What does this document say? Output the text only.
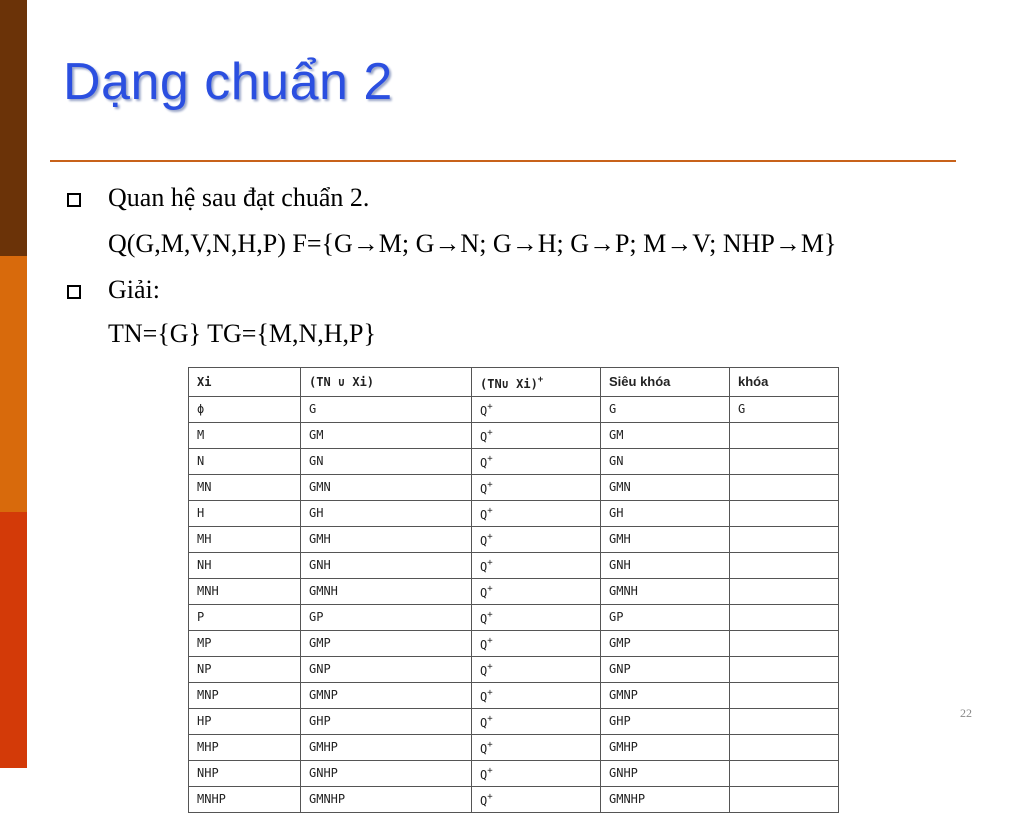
Dạng chuẩn 2
Quan hệ sau đạt chuẩn 2.
Q(G,M,V,N,H,P) F={G→M; G→N; G→H; G→P; M→V; NHP→M}
Giải:
TN={G} TG={M,N,H,P}
Xi	(TN ∪ Xi)	(TN∪ Xi)+	Siêu khóa	khóa
ϕ	G	Q+	G	G
M	GM	Q+	GM	
N	GN	Q+	GN	
MN	GMN	Q+	GMN	
H	GH	Q+	GH	
MH	GMH	Q+	GMH	
NH	GNH	Q+	GNH	
MNH	GMNH	Q+	GMNH	
P	GP	Q+	GP	
MP	GMP	Q+	GMP	
NP	GNP	Q+	GNP	
MNP	GMNP	Q+	GMNP	
HP	GHP	Q+	GHP	
MHP	GMHP	Q+	GMHP	
NHP	GNHP	Q+	GNHP	
MNHP	GMNHP	Q+	GMNHP	
22
